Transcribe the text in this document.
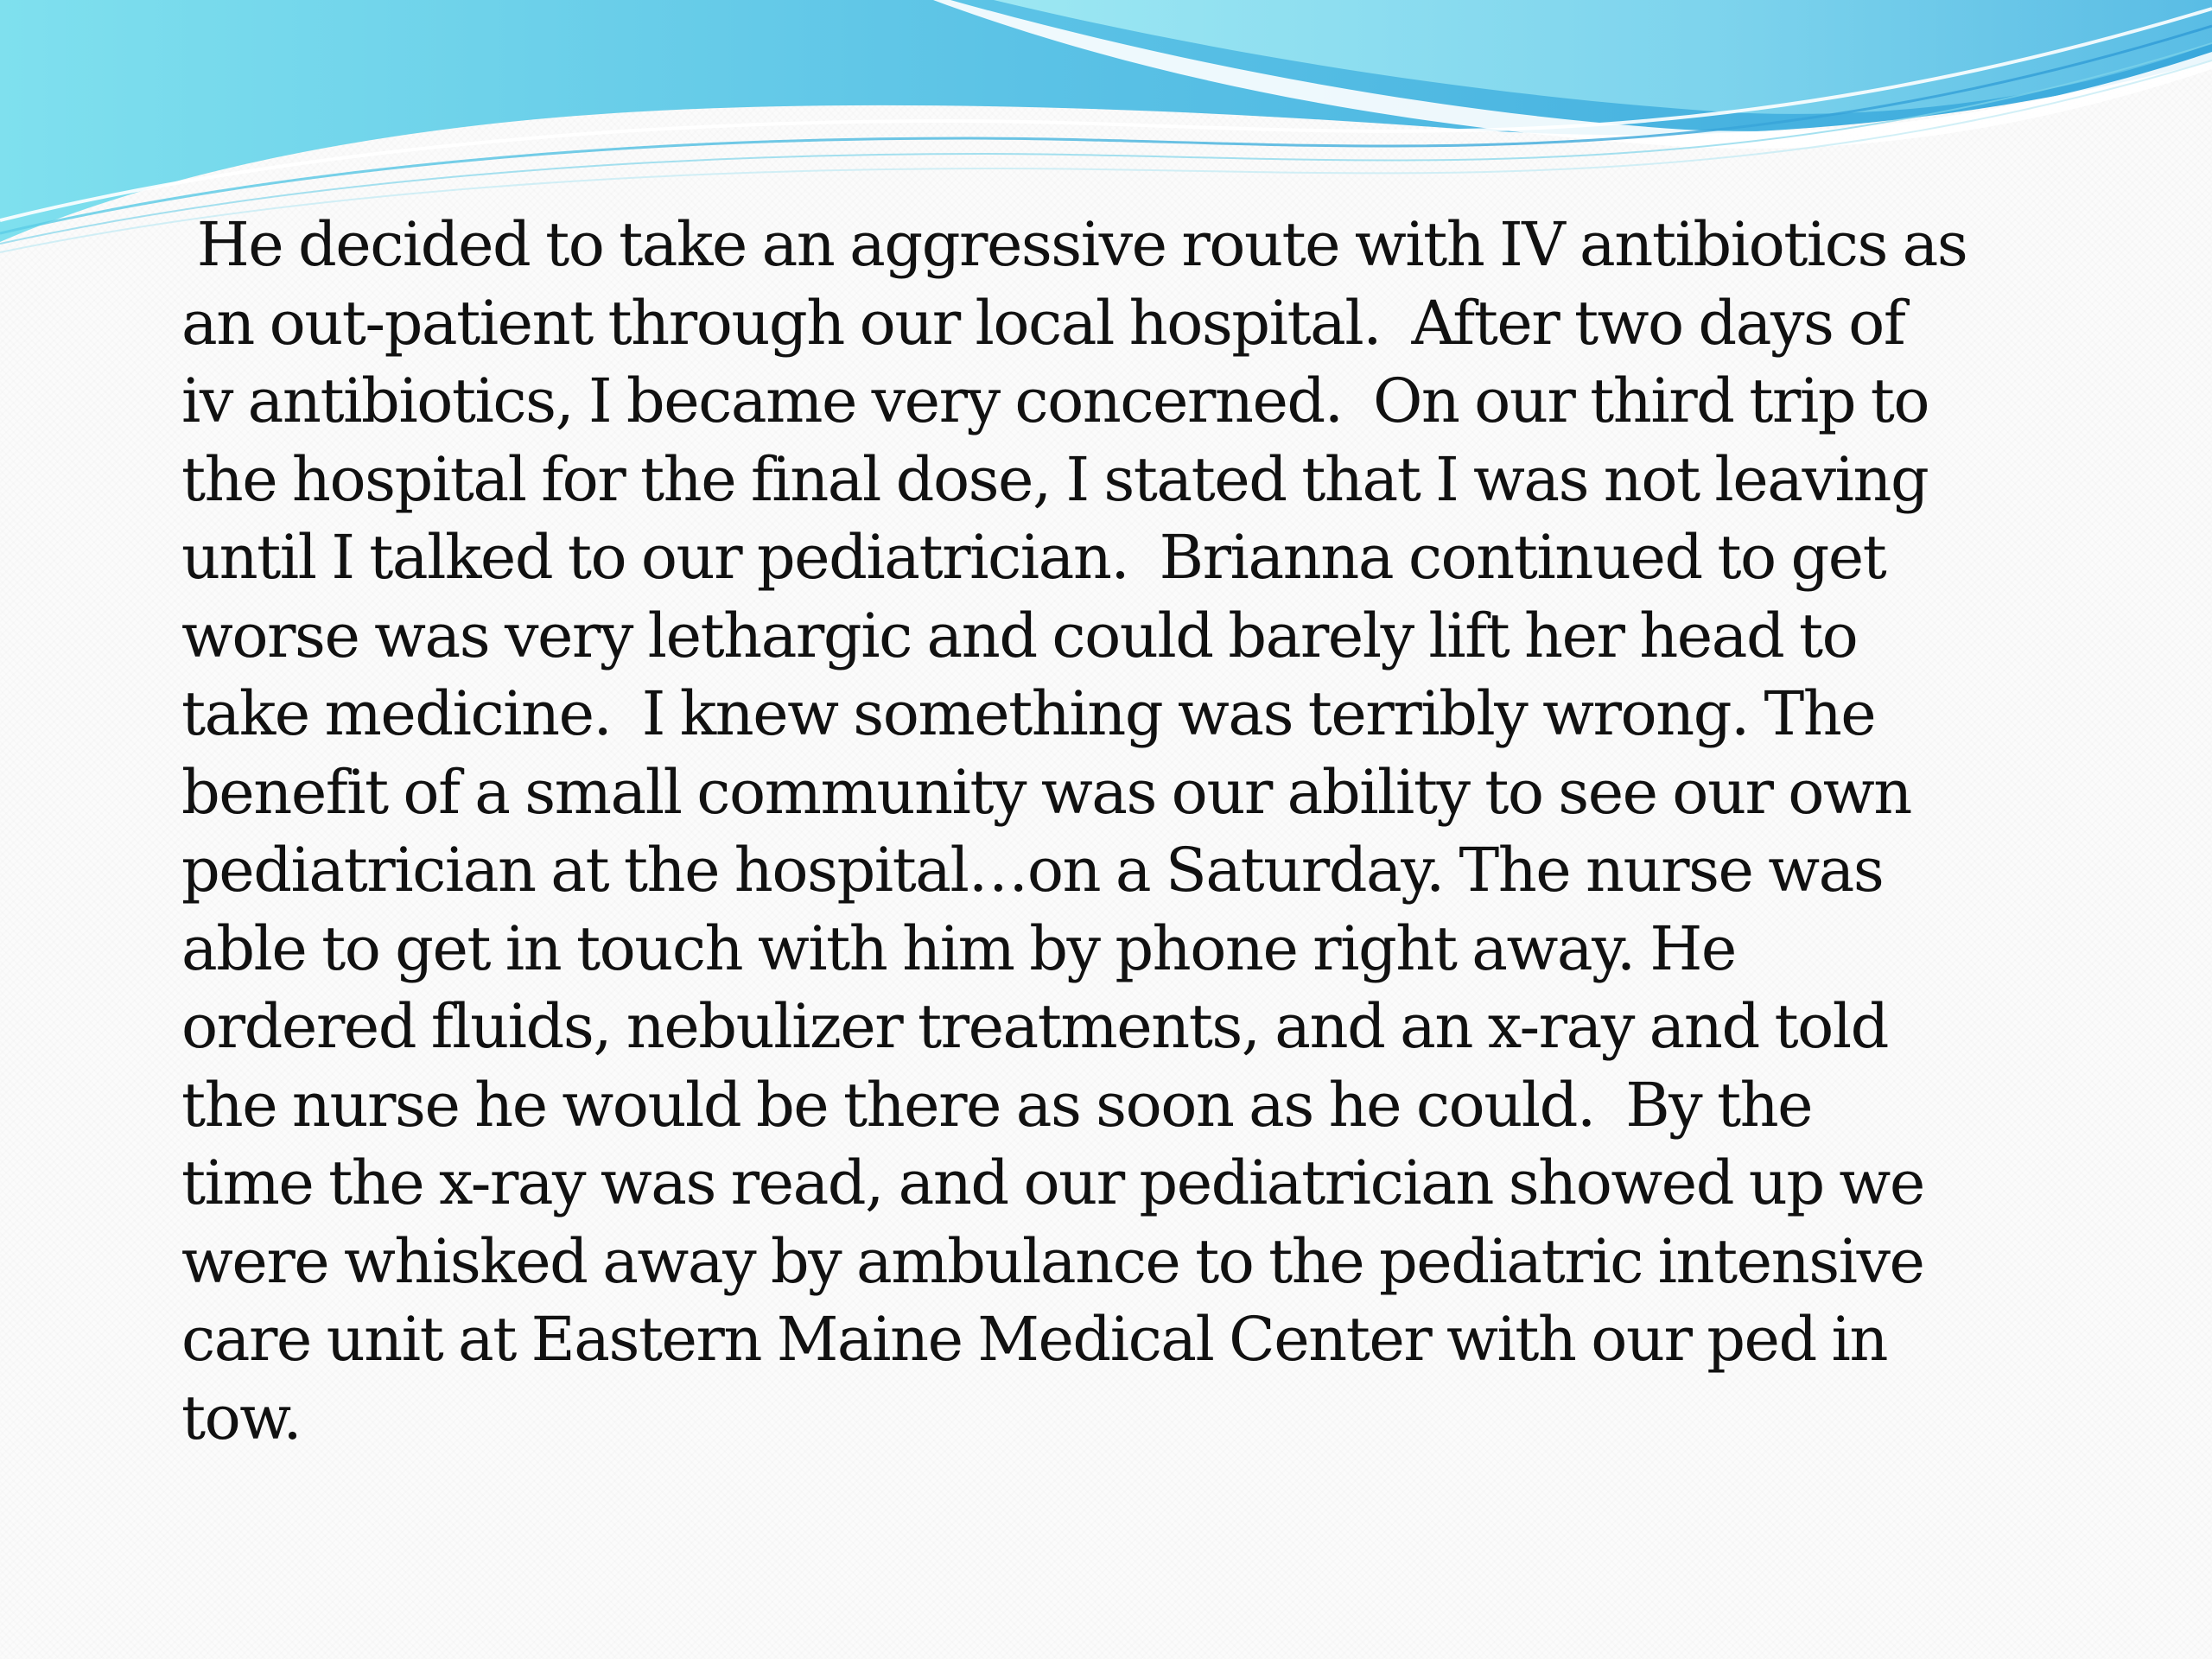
He decided to take an aggressive route with IV antibiotics as
an out-patient through our local hospital.  After two days of
iv antibiotics, I became very concerned.  On our third trip to
the hospital for the final dose, I stated that I was not leaving
until I talked to our pediatrician.  Brianna continued to get
worse was very lethargic and could barely lift her head to
take medicine.  I knew something was terribly wrong. The
benefit of a small community was our ability to see our own
pediatrician at the hospital…on a Saturday. The nurse was
able to get in touch with him by phone right away. He
ordered fluids, nebulizer treatments, and an x-ray and told
the nurse he would be there as soon as he could.  By the
time the x-ray was read, and our pediatrician showed up we
were whisked away by ambulance to the pediatric intensive
care unit at Eastern Maine Medical Center with our ped in
tow.
